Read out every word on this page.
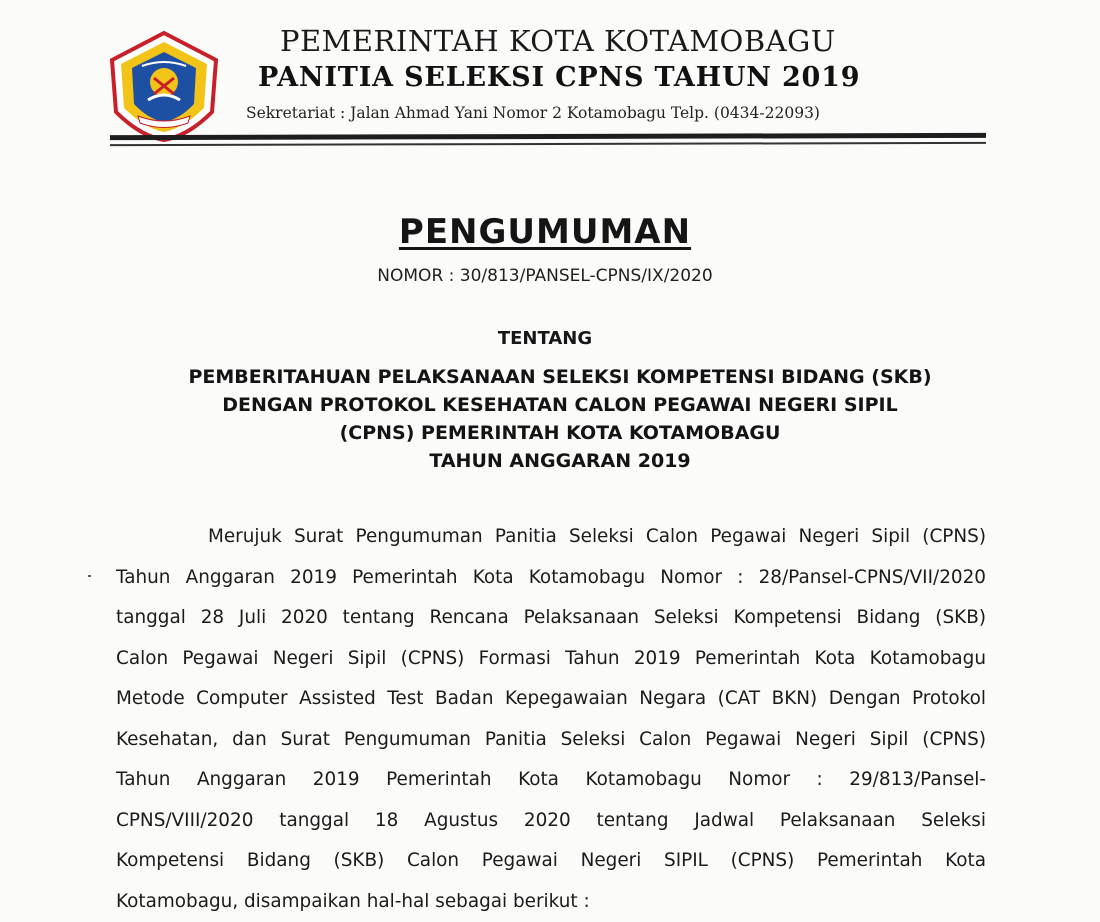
PEMERINTAH KOTA KOTAMOBAGU
PANITIA SELEKSI CPNS TAHUN 2019
Sekretariat : Jalan Ahmad Yani Nomor 2 Kotamobagu Telp. (0434-22093)
PENGUMUMAN
NOMOR : 30/813/PANSEL-CPNS/IX/2020
TENTANG
PEMBERITAHUAN PELAKSANAAN SELEKSI KOMPETENSI BIDANG (SKB)
DENGAN PROTOKOL KESEHATAN CALON PEGAWAI NEGERI SIPIL
(CPNS) PEMERINTAH KOTA KOTAMOBAGU
TAHUN ANGGARAN 2019
Merujuk Surat Pengumuman Panitia Seleksi Calon Pegawai Negeri Sipil (CPNS)
Tahun Anggaran 2019 Pemerintah Kota Kotamobagu Nomor : 28/Pansel-CPNS/VII/2020
tanggal 28 Juli 2020 tentang Rencana Pelaksanaan Seleksi Kompetensi Bidang (SKB)
Calon Pegawai Negeri Sipil (CPNS) Formasi Tahun 2019 Pemerintah Kota Kotamobagu
Metode Computer Assisted Test Badan Kepegawaian Negara (CAT BKN) Dengan Protokol
Kesehatan, dan Surat Pengumuman Panitia Seleksi Calon Pegawai Negeri Sipil (CPNS)
Tahun Anggaran 2019 Pemerintah Kota Kotamobagu Nomor : 29/813/Pansel-
CPNS/VIII/2020 tanggal 18 Agustus 2020 tentang Jadwal Pelaksanaan Seleksi
Kompetensi Bidang (SKB) Calon Pegawai Negeri SIPIL (CPNS) Pemerintah Kota
Kotamobagu, disampaikan hal-hal sebagai berikut :
